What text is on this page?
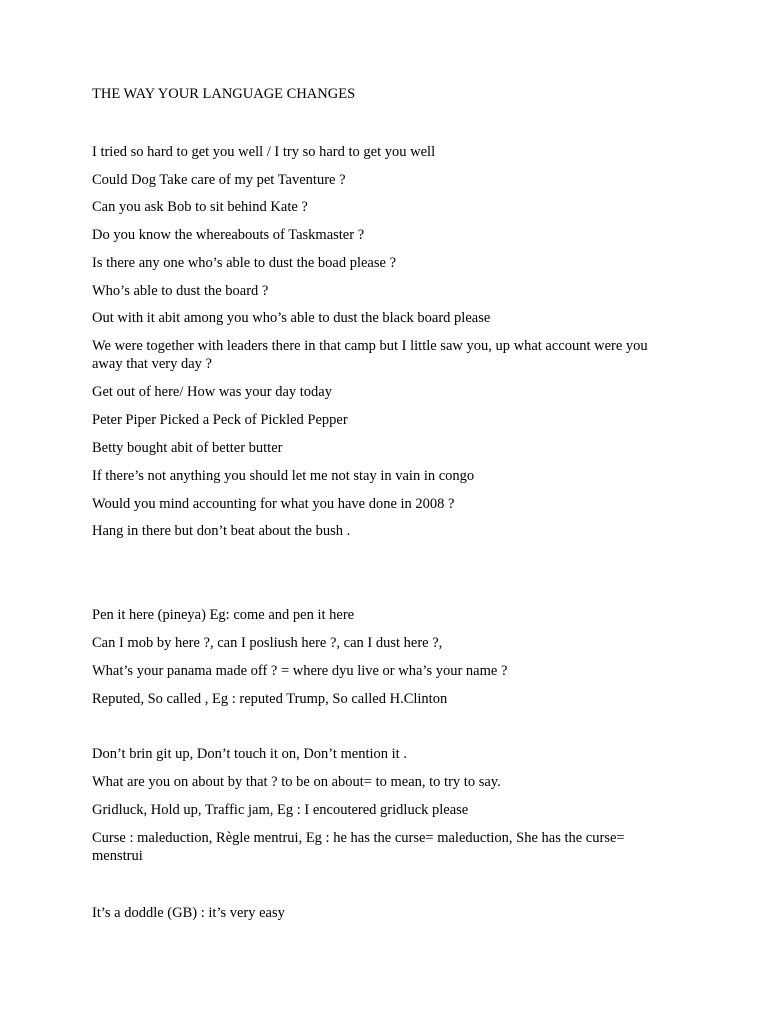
THE WAY YOUR LANGUAGE CHANGES
I tried so hard to get you well / I try so hard to get you well
Could Dog Take care of my pet Taventure ?
Can you ask Bob to sit behind Kate ?
Do you know the whereabouts of Taskmaster ?
Is there any one who’s able to dust the boad please ?
Who’s able to dust the board ?
Out with it abit among you who’s able to dust the black board please
We were together with leaders there in that camp but I little saw you, up what account were you away that very day ?
Get out of here/ How was your day today
Peter Piper Picked a Peck of Pickled Pepper
Betty bought abit of better butter
If there’s not anything you should let me not stay in vain in congo
Would you mind accounting for what you have done in 2008 ?
Hang in there but don’t beat about the bush .
Pen it here (pineya) Eg: come and pen it here
Can I mob by here ?, can I posliush here ?, can I dust here ?,
What’s your panama made off ? = where dyu live or wha’s your name ?
Reputed, So called , Eg : reputed Trump, So called H.Clinton
Don’t brin git up, Don’t touch it on, Don’t mention it .
What are you on about by that ? to be on about= to mean, to try to say.
Gridluck, Hold up, Traffic jam, Eg : I encoutered gridluck please
Curse : maleduction, Règle mentrui, Eg : he has the curse= maleduction, She has the curse= menstrui
It’s a doddle (GB) : it’s very easy
